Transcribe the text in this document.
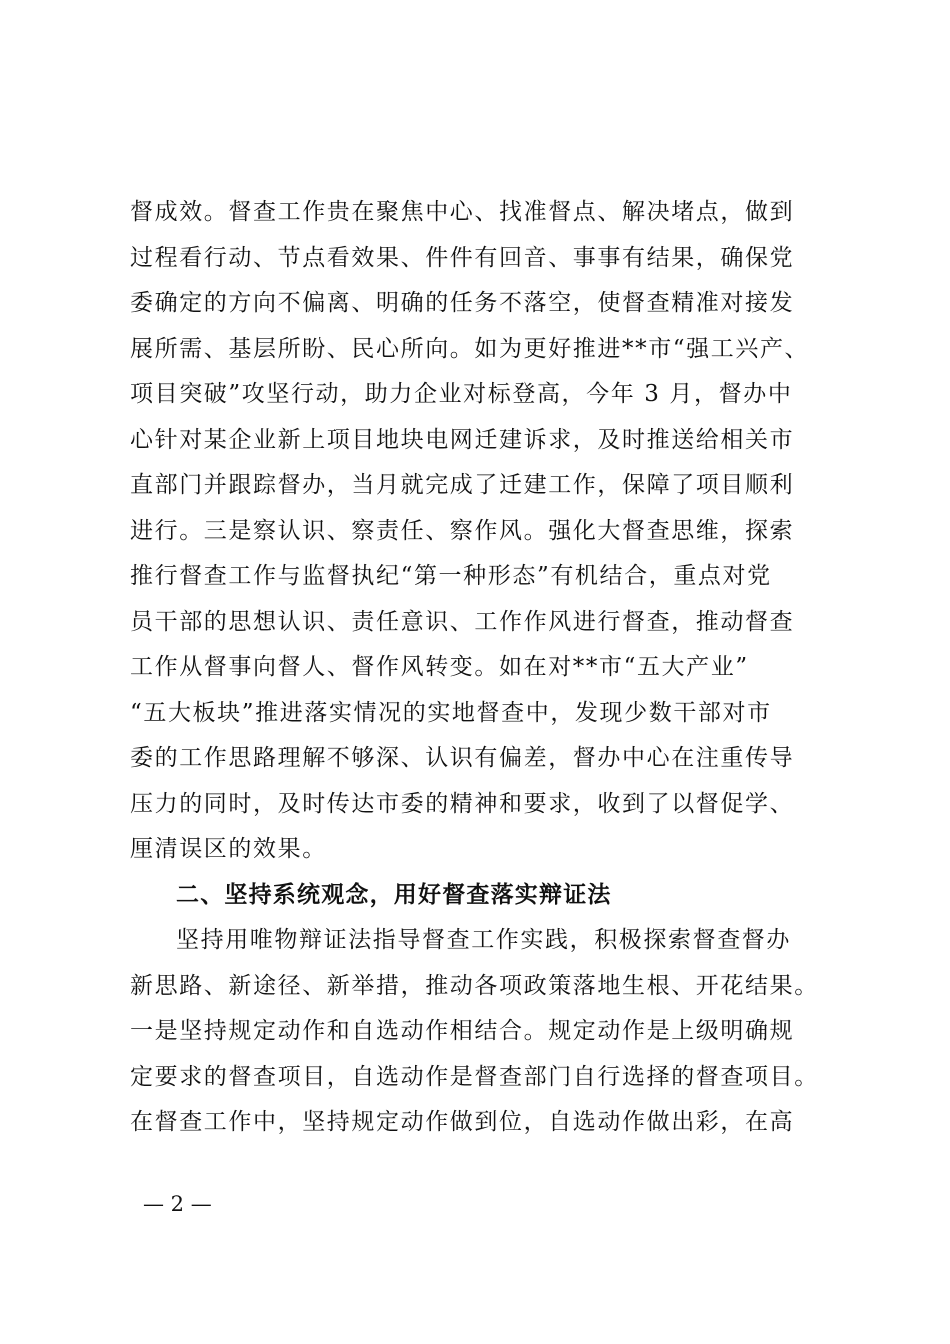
督成效。督查工作贵在聚焦中心、找准督点、解决堵点，做到
过程看行动、节点看效果、件件有回音、事事有结果，确保党
委确定的方向不偏离、明确的任务不落空，使督查精准对接发
展所需、基层所盼、民心所向。如为更好推进**市“强工兴产、
项目突破”攻坚行动，助力企业对标登高，今年 3 月，督办中
心针对某企业新上项目地块电网迁建诉求，及时推送给相关市
直部门并跟踪督办，当月就完成了迁建工作，保障了项目顺利
进行。三是察认识、察责任、察作风。强化大督查思维，探索
推行督查工作与监督执纪“第一种形态”有机结合，重点对党
员干部的思想认识、责任意识、工作作风进行督查，推动督查
工作从督事向督人、督作风转变。如在对**市“五大产业”
“五大板块”推进落实情况的实地督查中，发现少数干部对市
委的工作思路理解不够深、认识有偏差，督办中心在注重传导
压力的同时，及时传达市委的精神和要求，收到了以督促学、
厘清误区的效果。
二、坚持系统观念，用好督查落实辩证法
坚持用唯物辩证法指导督查工作实践，积极探索督查督办
新思路、新途径、新举措，推动各项政策落地生根、开花结果。
一是坚持规定动作和自选动作相结合。规定动作是上级明确规
定要求的督查项目，自选动作是督查部门自行选择的督查项目。
在督查工作中，坚持规定动作做到位，自选动作做出彩，在高
— 2 —
